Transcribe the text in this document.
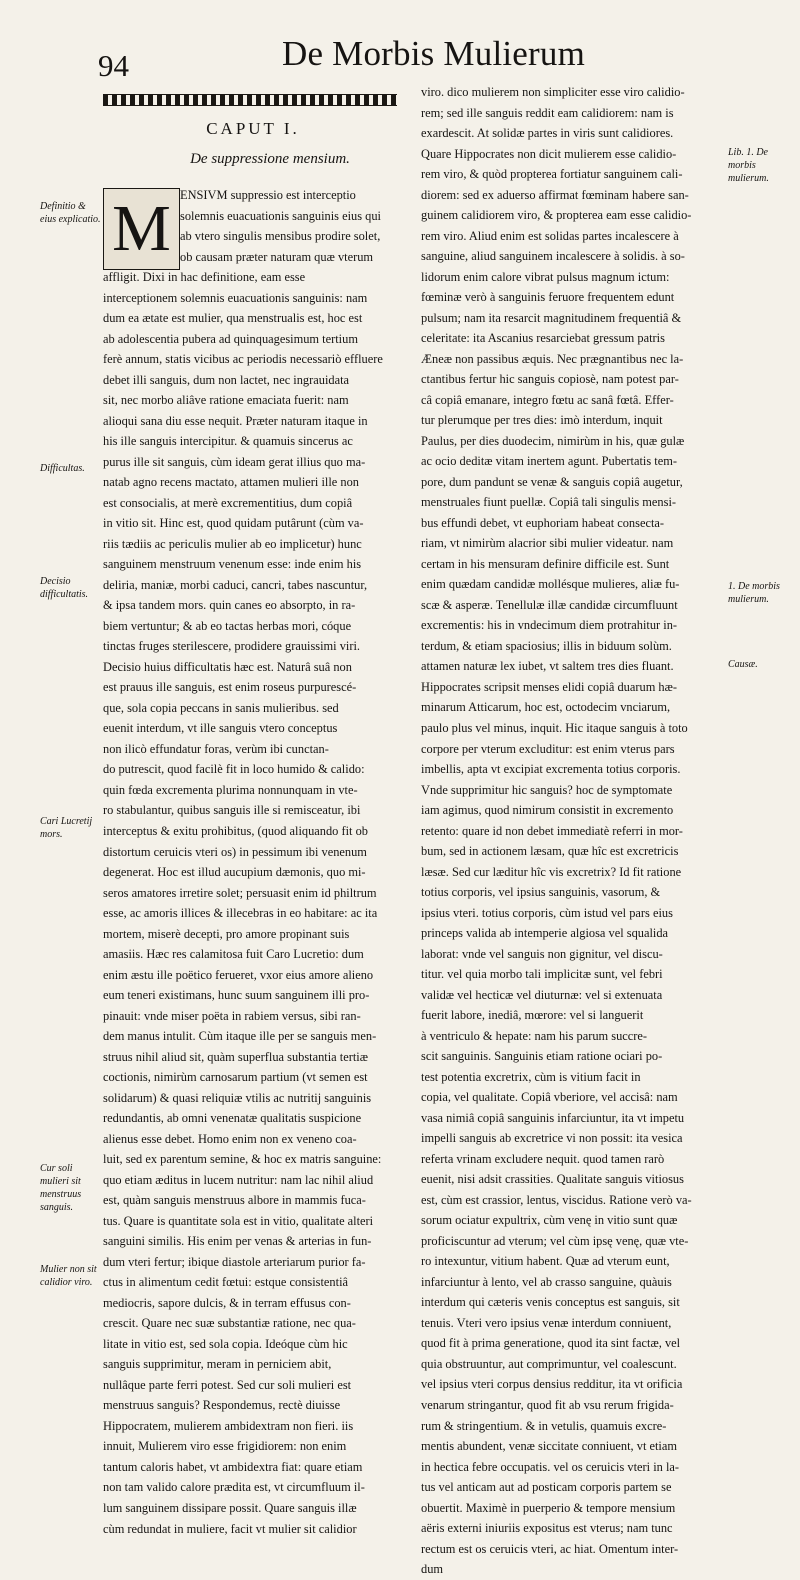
94	De Morbis Mulierum
CAPUT I.
De suppressione mensium.
M ENSIVM suppressio est interceptio
solemnis euacuationis sanguinis eius qui
ab vtero singulis mensibus prodire solet,
ob causam præter naturam quæ vterum
affligit. Dixi in hac definitione, eam esse
interceptionem solemnis euacuationis sanguinis: nam
dum ea ætate est mulier, qua menstrualis est, hoc est
ab adolescentia pubera ad quinquagesimum tertium
ferè annum, statis vicibus ac periodis necessariò effluere
debet illi sanguis, dum non lactet, nec ingrauidata
sit, nec morbo aliâve ratione emaciata fuerit: nam
alioqui sana diu esse nequit. Præter naturam itaque in
his ille sanguis intercipitur. & quamuis sincerus ac
purus ille sit sanguis, cùm ideam gerat illius quo ma-
natab agno recens mactato, attamen mulieri ille non
est consocialis, at merè excrementitius, dum copiâ
in vitio sit. Hinc est, quod quidam putârunt (cùm va-
riis tædiis ac periculis mulier ab eo implicetur) hunc
sanguinem menstruum venenum esse: inde enim his
deliria, maniæ, morbi caduci, cancri, tabes nascuntur,
& ipsa tandem mors. quin canes eo absorpto, in ra-
biem vertuntur; & ab eo tactas herbas mori, cóque
tinctas fruges sterilescere, prodidere grauissimi viri.
Decisio huius difficultatis hæc est. Naturâ suâ non
est prauus ille sanguis, est enim roseus purpurescé-
que, sola copia peccans in sanis mulieribus. sed
euenit interdum, vt ille sanguis vtero conceptus
non ilicò effundatur foras, verùm ibi cunctan-
do putrescit, quod facilè fit in loco humido & calido:
quin fœda excrementa plurima nonnunquam in vte-
ro stabulantur, quibus sanguis ille si remisceatur, ibi
interceptus & exitu prohibitus, (quod aliquando fit ob
distortum ceruicis vteri os) in pessimum ibi venenum
degenerat. Hoc est illud aucupium dæmonis, quo mi-
seros amatores irretire solet; persuasit enim id philtrum
esse, ac amoris illices & illecebras in eo habitare: ac ita
mortem, miserè decepti, pro amore propinant suis
amasiis. Hæc res calamitosa fuit Caro Lucretio: dum
enim æstu ille poëtico ferueret, vxor eius amore alieno
eum teneri existimans, hunc suum sanguinem illi pro-
pinauit: vnde miser poëta in rabiem versus, sibi ran-
dem manus intulit. Cùm itaque ille per se sanguis men-
struus nihil aliud sit, quàm superflua substantia tertiæ
coctionis, nimirùm carnosarum partium (vt semen est
solidarum) & quasi reliquiæ vtilis ac nutritij sanguinis
redundantis, ab omni venenatæ qualitatis suspicione
alienus esse debet. Homo enim non ex veneno coa-
luit, sed ex parentum semine, & hoc ex matris sanguine:
quo etiam æditus in lucem nutritur: nam lac nihil aliud
est, quàm sanguis menstruus albore in mammis fuca-
tus. Quare is quantitate sola est in vitio, qualitate alteri
sanguini similis. His enim per venas & arterias in fun-
dum vteri fertur; ibique diastole arteriarum purior fa-
ctus in alimentum cedit fœtui: estque consistentiâ
mediocris, sapore dulcis, & in terram effusus con-
crescit. Quare nec suæ substantiæ ratione, nec qua-
litate in vitio est, sed sola copia. Ideóque cùm hic
sanguis supprimitur, meram in perniciem abit,
nullâque parte ferri potest. Sed cur soli mulieri est
menstruus sanguis? Respondemus, rectè diuisse
Hippocratem, mulierem ambidextram non fieri. iis
innuit, Mulierem viro esse frigidiorem: non enim
tantum caloris habet, vt ambidextra fiat: quare etiam
non tam valido calore prædita est, vt circumfluum il-
lum sanguinem dissipare possit. Quare sanguis illæ
cùm redundat in muliere, facit vt mulier sit calidior
viro. dico mulierem non simpliciter esse viro calidio-
rem; sed ille sanguis reddit eam calidiorem: nam is
exardescit. At solidæ partes in viris sunt calidiores.
Quare Hippocrates non dicit mulierem esse calidio-
rem viro, & quòd propterea fortiatur sanguinem cali-
diorem: sed ex aduerso affirmat fœminam habere san-
guinem calidiorem viro, & propterea eam esse calidio-
rem viro. Aliud enim est solidas partes incalescere à
sanguine, aliud sanguinem incalescere à solidis. à so-
lidorum enim calore vibrat pulsus magnum ictum:
fœminæ verò à sanguinis feruore frequentem edunt
pulsum; nam ita resarcit magnitudinem frequentiâ &
celeritate: ita Ascanius resarciebat gressum patris
Æneæ non passibus æquis. Nec prægnantibus nec la-
ctantibus fertur hic sanguis copiosè, nam potest par-
câ copiâ emanare, integro fœtu ac sanâ fœtâ. Effer-
tur plerumque per tres dies: imò interdum, inquit
Paulus, per dies duodecim, nimirùm in his, quæ gulæ
ac ocio deditæ vitam inertem agunt. Pubertatis tem-
pore, dum pandunt se venæ & sanguis copiâ augetur,
menstruales fiunt puellæ. Copiâ tali singulis mensi-
bus effundi debet, vt euphoriam habeat consecta-
riam, vt nimirùm alacrior sibi mulier videatur. nam
certam in his mensuram definire difficile est. Sunt
enim quædam candidæ mollésque mulieres, aliæ fu-
scæ & asperæ. Tenellulæ illæ candidæ circumfluunt
excrementis: his in vndecimum diem protrahitur in-
terdum, & etiam spaciosius; illis in biduum solùm.
attamen naturæ lex iubet, vt saltem tres dies fluant.
Hippocrates scripsit menses elidi copiâ duarum hæ-
minarum Atticarum, hoc est, octodecim vnciarum,
paulo plus vel minus, inquit. Hic itaque sanguis à toto
corpore per vterum excluditur: est enim vterus pars
imbellis, apta vt excipiat excrementa totius corporis.
Vnde supprimitur hic sanguis? hoc de symptomate
iam agimus, quod nimirum consistit in excremento
retento: quare id non debet immediatè referri in mor-
bum, sed in actionem læsam, quæ hîc est excretricis
læsæ. Sed cur læditur hîc vis excretrix? Id fit ratione
totius corporis, vel ipsius sanguinis, vasorum, &
ipsius vteri. totius corporis, cùm istud vel pars eius
princeps valida ab intemperie algiosa vel squalida
laborat: vnde vel sanguis non gignitur, vel discu-
titur. vel quia morbo tali implicitæ sunt, vel febri
validæ vel hecticæ vel diuturnæ: vel si extenuata
fuerit labore, inediâ, mœrore: vel si languerit
à ventriculo & hepate: nam his parum succre-
scit sanguinis. Sanguinis etiam ratione ociari po-
test potentia excretrix, cùm is vitium facit in
copia, vel qualitate. Copiâ vberiore, vel accisâ: nam
vasa nimiâ copiâ sanguinis infarciuntur, ita vt impetu
impelli sanguis ab excretrice vi non possit: ita vesica
referta vrinam excludere nequit. quod tamen rarò
euenit, nisi adsit crassities. Qualitate sanguis vitiosus
est, cùm est crassior, lentus, viscidus. Ratione verò va-
sorum ociatur expultrix, cùm venę in vitio sunt quæ
proficiscuntur ad vterum; vel cùm ipsę venę, quæ vte-
ro intexuntur, vitium habent. Quæ ad vterum eunt,
infarciuntur à lento, vel ab crasso sanguine, quàuis
interdum qui cæteris venis conceptus est sanguis, sit
tenuis. Vteri vero ipsius venæ interdum conniuent,
quod fit à prima generatione, quod ita sint factæ, vel
quia obstruuntur, aut comprimuntur, vel coalescunt.
vel ipsius vteri corpus densius redditur, ita vt orificia
venarum stringantur, quod fit ab vsu rerum frigida-
rum & stringentium. & in vetulis, quamuis excre-
mentis abundent, venæ siccitate conniuent, vt etiam
in hectica febre occupatis. vel os ceruicis vteri in la-
tus vel anticam aut ad posticam corporis partem se
obuertit. Maximè in puerperio & tempore mensium
aëris externi iniuriis expositus est vterus; nam tunc
rectum est os ceruicis vteri, ac hiat. Omentum inter-
dum
Definitio & eius explicatio.
Difficultas.
Decisio difficultatis.
Cari Lucretij mors.
Cur soli mulieri sit menstruus sanguis.
Mulier non sit calidior viro.
Lib. 1. De morbis mulierum.
1. De morbis mulierum.
Causæ.
